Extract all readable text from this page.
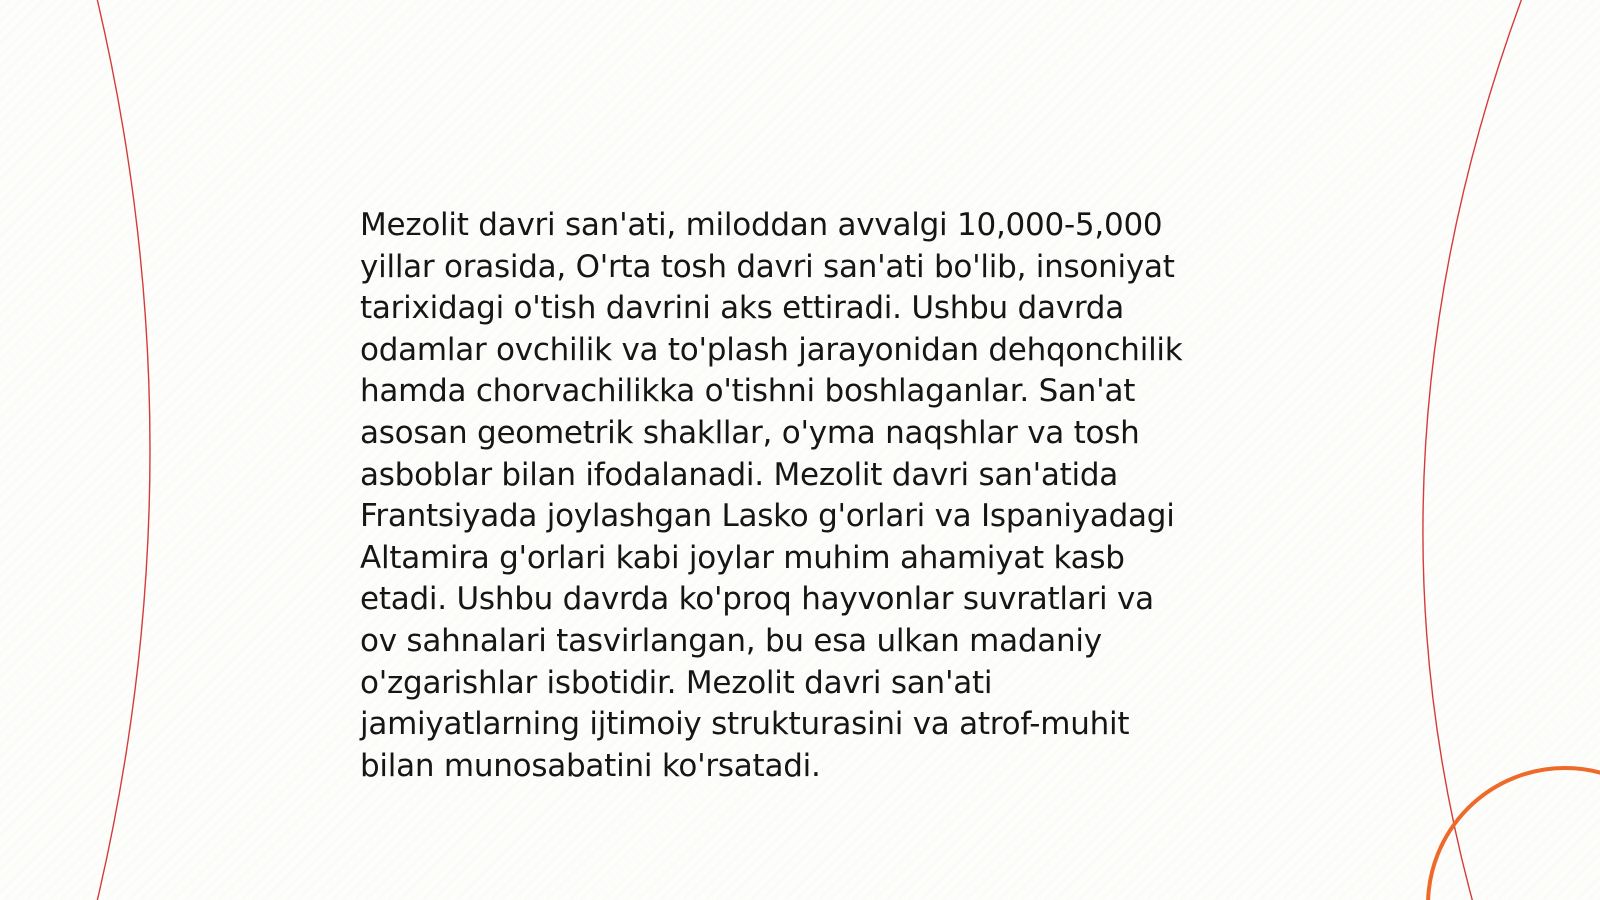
Mezolit davri san'ati, miloddan avvalgi 10,000-5,000
yillar orasida, O'rta tosh davri san'ati bo'lib, insoniyat
tarixidagi o'tish davrini aks ettiradi. Ushbu davrda
odamlar ovchilik va to'plash jarayonidan dehqonchilik
hamda chorvachilikka o'tishni boshlaganlar. San'at
asosan geometrik shakllar, o'yma naqshlar va tosh
asboblar bilan ifodalanadi. Mezolit davri san'atida
Frantsiyada joylashgan Lasko g'orlari va Ispaniyadagi
Altamira g'orlari kabi joylar muhim ahamiyat kasb
etadi. Ushbu davrda ko'proq hayvonlar suvratlari va
ov sahnalari tasvirlangan, bu esa ulkan madaniy
o'zgarishlar isbotidir. Mezolit davri san'ati
jamiyatlarning ijtimoiy strukturasini va atrof-muhit
bilan munosabatini ko'rsatadi.
